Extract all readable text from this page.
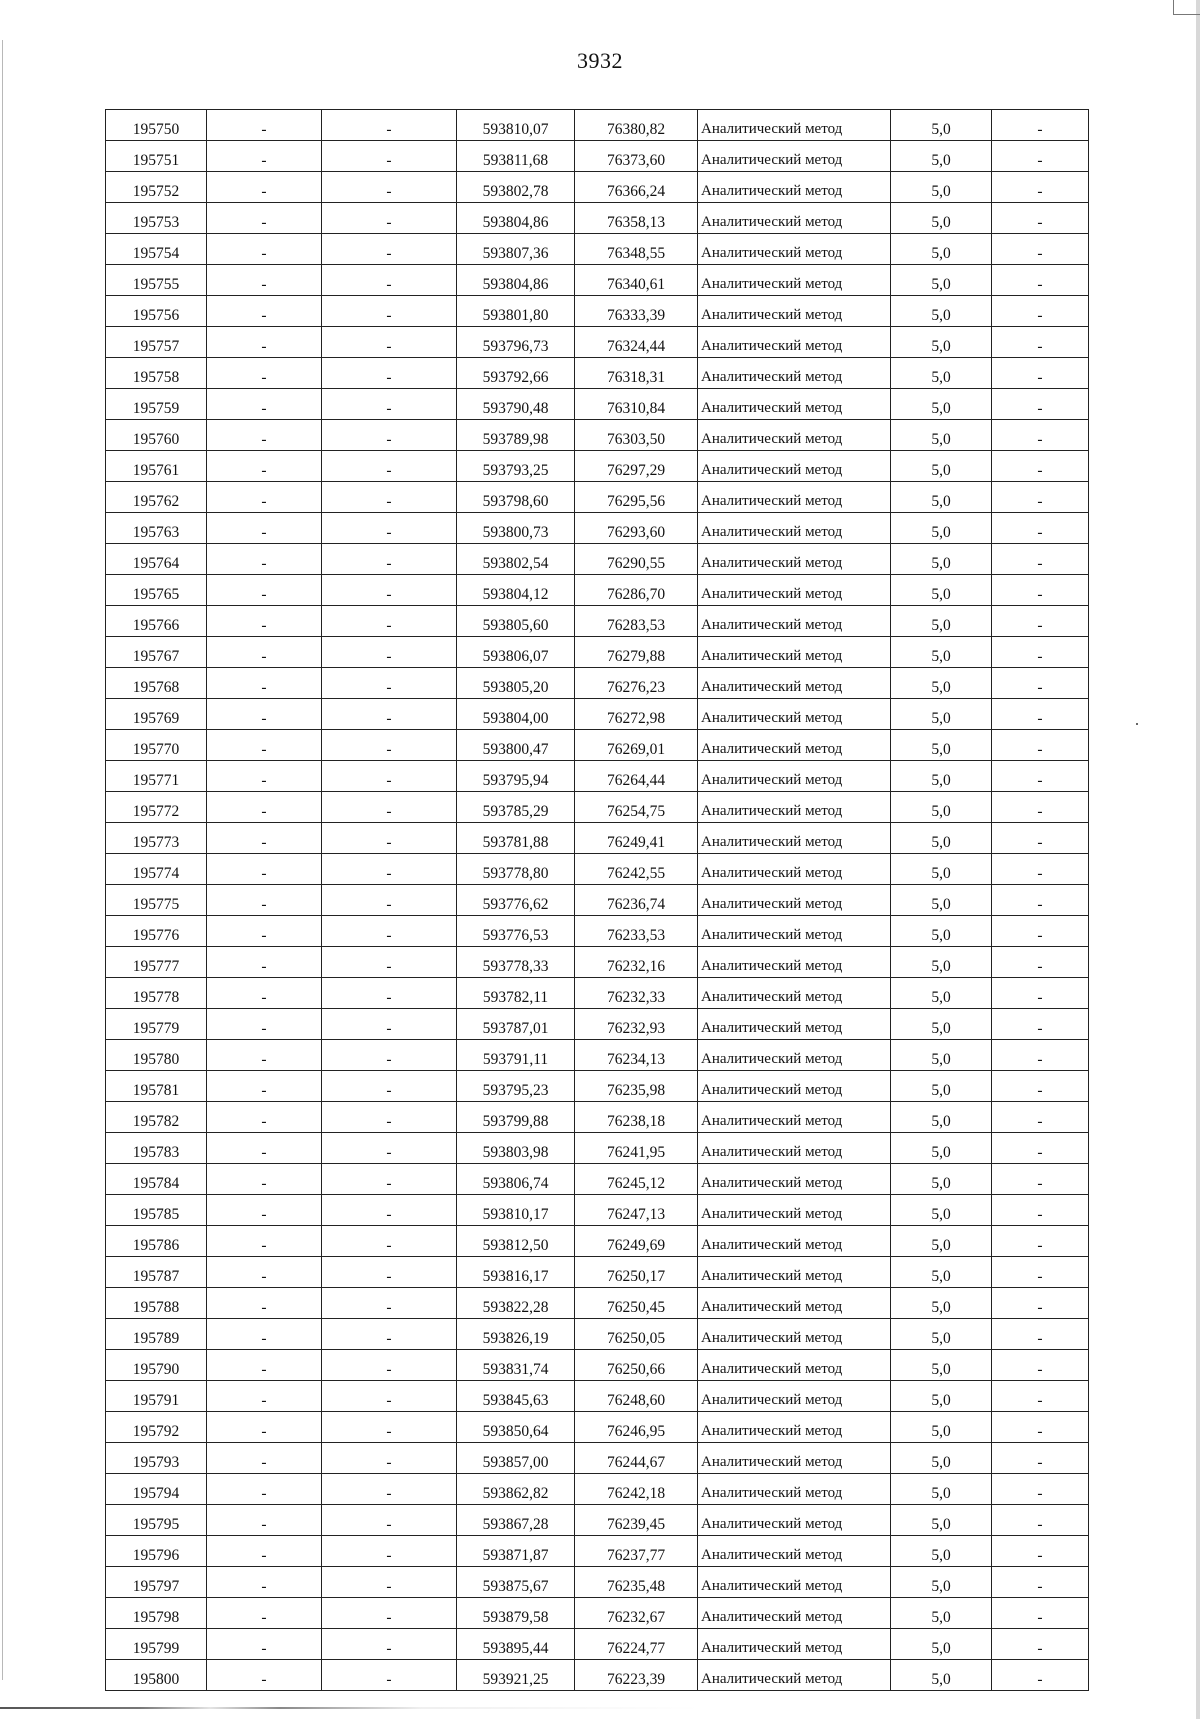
3932
195750	-	-	593810,07	76380,82	Аналитический метод	5,0	-
195751	-	-	593811,68	76373,60	Аналитический метод	5,0	-
195752	-	-	593802,78	76366,24	Аналитический метод	5,0	-
195753	-	-	593804,86	76358,13	Аналитический метод	5,0	-
195754	-	-	593807,36	76348,55	Аналитический метод	5,0	-
195755	-	-	593804,86	76340,61	Аналитический метод	5,0	-
195756	-	-	593801,80	76333,39	Аналитический метод	5,0	-
195757	-	-	593796,73	76324,44	Аналитический метод	5,0	-
195758	-	-	593792,66	76318,31	Аналитический метод	5,0	-
195759	-	-	593790,48	76310,84	Аналитический метод	5,0	-
195760	-	-	593789,98	76303,50	Аналитический метод	5,0	-
195761	-	-	593793,25	76297,29	Аналитический метод	5,0	-
195762	-	-	593798,60	76295,56	Аналитический метод	5,0	-
195763	-	-	593800,73	76293,60	Аналитический метод	5,0	-
195764	-	-	593802,54	76290,55	Аналитический метод	5,0	-
195765	-	-	593804,12	76286,70	Аналитический метод	5,0	-
195766	-	-	593805,60	76283,53	Аналитический метод	5,0	-
195767	-	-	593806,07	76279,88	Аналитический метод	5,0	-
195768	-	-	593805,20	76276,23	Аналитический метод	5,0	-
195769	-	-	593804,00	76272,98	Аналитический метод	5,0	-
195770	-	-	593800,47	76269,01	Аналитический метод	5,0	-
195771	-	-	593795,94	76264,44	Аналитический метод	5,0	-
195772	-	-	593785,29	76254,75	Аналитический метод	5,0	-
195773	-	-	593781,88	76249,41	Аналитический метод	5,0	-
195774	-	-	593778,80	76242,55	Аналитический метод	5,0	-
195775	-	-	593776,62	76236,74	Аналитический метод	5,0	-
195776	-	-	593776,53	76233,53	Аналитический метод	5,0	-
195777	-	-	593778,33	76232,16	Аналитический метод	5,0	-
195778	-	-	593782,11	76232,33	Аналитический метод	5,0	-
195779	-	-	593787,01	76232,93	Аналитический метод	5,0	-
195780	-	-	593791,11	76234,13	Аналитический метод	5,0	-
195781	-	-	593795,23	76235,98	Аналитический метод	5,0	-
195782	-	-	593799,88	76238,18	Аналитический метод	5,0	-
195783	-	-	593803,98	76241,95	Аналитический метод	5,0	-
195784	-	-	593806,74	76245,12	Аналитический метод	5,0	-
195785	-	-	593810,17	76247,13	Аналитический метод	5,0	-
195786	-	-	593812,50	76249,69	Аналитический метод	5,0	-
195787	-	-	593816,17	76250,17	Аналитический метод	5,0	-
195788	-	-	593822,28	76250,45	Аналитический метод	5,0	-
195789	-	-	593826,19	76250,05	Аналитический метод	5,0	-
195790	-	-	593831,74	76250,66	Аналитический метод	5,0	-
195791	-	-	593845,63	76248,60	Аналитический метод	5,0	-
195792	-	-	593850,64	76246,95	Аналитический метод	5,0	-
195793	-	-	593857,00	76244,67	Аналитический метод	5,0	-
195794	-	-	593862,82	76242,18	Аналитический метод	5,0	-
195795	-	-	593867,28	76239,45	Аналитический метод	5,0	-
195796	-	-	593871,87	76237,77	Аналитический метод	5,0	-
195797	-	-	593875,67	76235,48	Аналитический метод	5,0	-
195798	-	-	593879,58	76232,67	Аналитический метод	5,0	-
195799	-	-	593895,44	76224,77	Аналитический метод	5,0	-
195800	-	-	593921,25	76223,39	Аналитический метод	5,0	-
